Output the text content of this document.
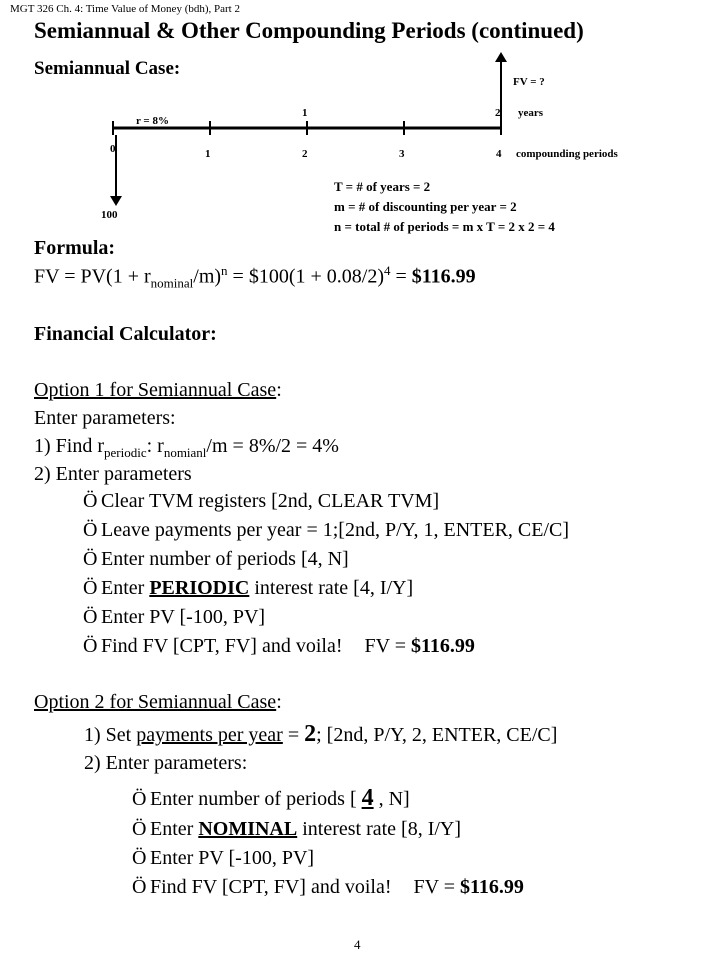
MGT 326 Ch. 4: Time Value of Money (bdh), Part 2
Semiannual & Other Compounding Periods (continued)
Semiannual Case:
r = 8%
FV = ?
100
1	2 years
0	1	2	3	4 compounding periods
T = # of years = 2
m = # of discounting per year = 2
n = total # of periods = m x T = 2 x 2 = 4
Formula:
FV = $PV(1 + r_{nominal}/m)^n$ = $100(1 + 0.08/2)$^4$ = $116.99
Financial Calculator:
Option 1 for Semiannual Case:
Enter parameters:
1) Find $r_{periodic}$: $r_{nomianl}/m = 8\%/2 = 4\%$
2) Enter parameters
Ö Clear TVM registers [2nd, CLEAR TVM]
Ö Leave payments per year = 1;[2nd, P/Y, 1, ENTER, CE/C]
Ö Enter number of periods [4, N]
Ö Enter PERIODIC interest rate [4, I/Y]
Ö Enter PV [-100, PV]
Ö Find FV [CPT, FV] and voila! FV = $116.99
Option 2 for Semiannual Case:
1) Set payments per year = 2; [2nd, P/Y, 2, ENTER, CE/C]
2) Enter parameters:
Ö Enter number of periods [ 4 , N]
Ö Enter NOMINAL interest rate [8, I/Y]
Ö Enter PV [-100, PV]
Ö Find FV [CPT, FV] and voila! FV = $116.99
4
